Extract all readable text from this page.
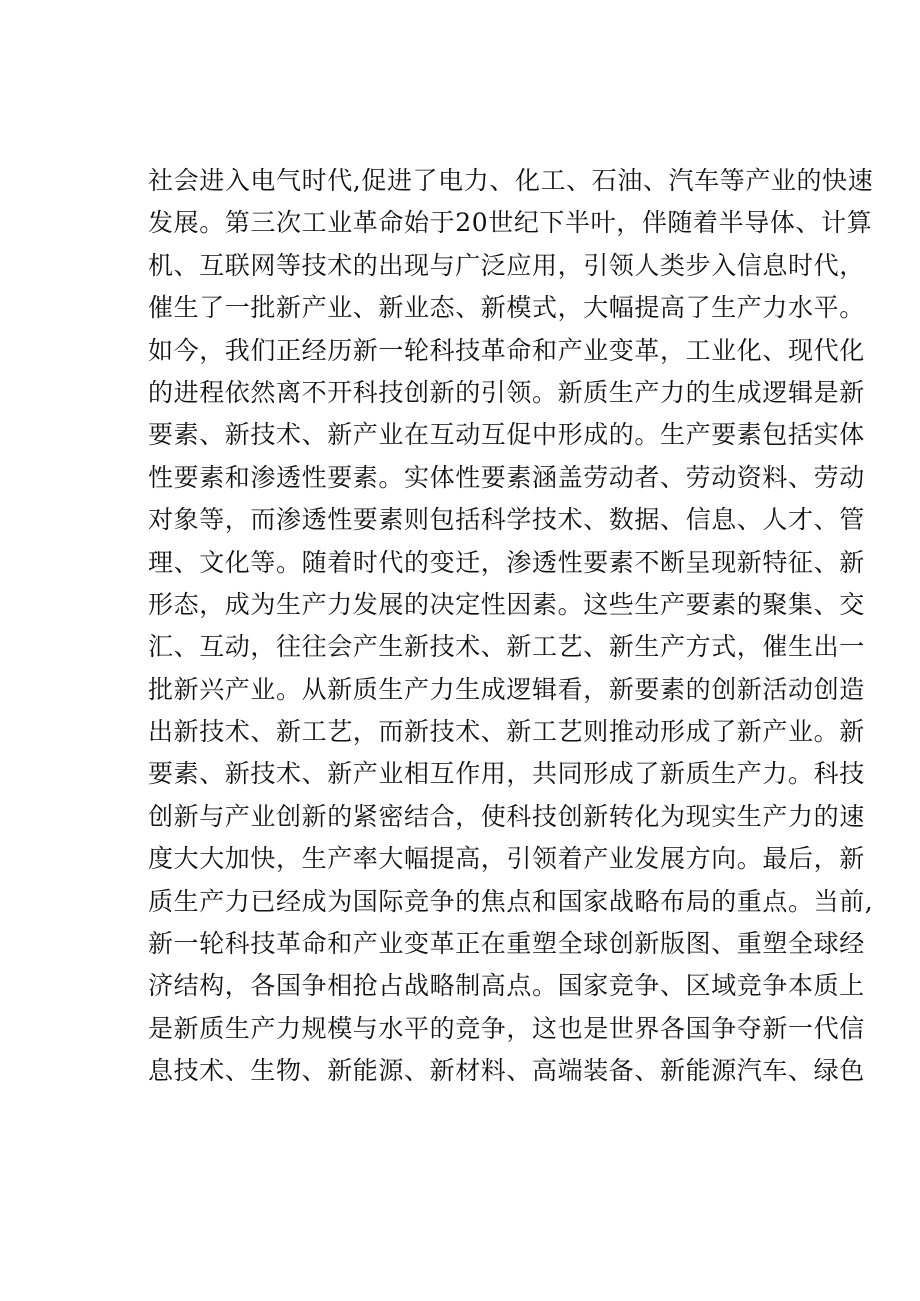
社会进入电气时代,促进了电力、化工、石油、汽车等产业的快速
发展。第三次工业革命始于20世纪下半叶，伴随着半导体、计算
机、互联网等技术的出现与广泛应用，引领人类步入信息时代，
催生了一批新产业、新业态、新模式，大幅提高了生产力水平。
如今，我们正经历新一轮科技革命和产业变革，工业化、现代化
的进程依然离不开科技创新的引领。新质生产力的生成逻辑是新
要素、新技术、新产业在互动互促中形成的。生产要素包括实体
性要素和渗透性要素。实体性要素涵盖劳动者、劳动资料、劳动
对象等，而渗透性要素则包括科学技术、数据、信息、人才、管
理、文化等。随着时代的变迁，渗透性要素不断呈现新特征、新
形态，成为生产力发展的决定性因素。这些生产要素的聚集、交
汇、互动，往往会产生新技术、新工艺、新生产方式，催生出一
批新兴产业。从新质生产力生成逻辑看，新要素的创新活动创造
出新技术、新工艺，而新技术、新工艺则推动形成了新产业。新
要素、新技术、新产业相互作用，共同形成了新质生产力。科技
创新与产业创新的紧密结合，使科技创新转化为现实生产力的速
度大大加快，生产率大幅提高，引领着产业发展方向。最后，新
质生产力已经成为国际竞争的焦点和国家战略布局的重点。当前,
新一轮科技革命和产业变革正在重塑全球创新版图、重塑全球经
济结构，各国争相抢占战略制高点。国家竞争、区域竞争本质上
是新质生产力规模与水平的竞争，这也是世界各国争夺新一代信
息技术、生物、新能源、新材料、高端装备、新能源汽车、绿色
